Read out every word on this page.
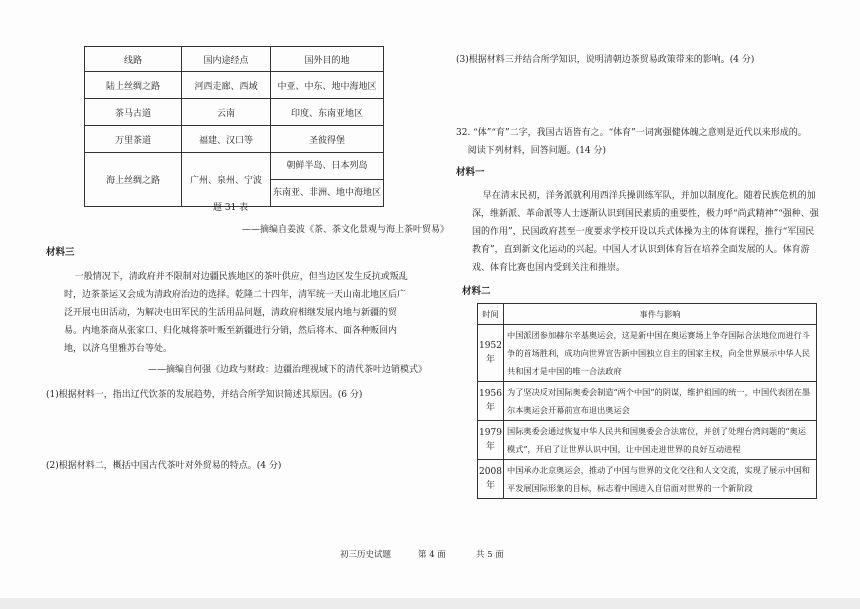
线路	国内途经点	国外目的地
陆上丝绸之路	河西走廊、西域	中亚、中东、地中海地区
茶马古道	云南	印度、东南亚地区
万里茶道	福建、汉口等	圣彼得堡
海上丝绸之路	广州、泉州、宁波	朝鲜半岛、日本列岛
东南亚、非洲、地中海地区
题 31 表
——摘编自姜波《茶、茶文化景观与海上茶叶贸易》
材料三

一般情况下，清政府并不限制对边疆民族地区的茶叶供应，但当边区发生反抗或叛乱时，边茶茶运又会成为清政府治边的选择。乾隆二十四年，清军统一天山南北地区后广泛开展屯田活动，为解决屯田军民的生活用品问题，清政府相继发展内地与新疆的贸易。内地茶商从张家口、归化城将茶叶贩至新疆进行分销，然后将木、面各种贩回内地，以济乌里雅苏台等处。

——摘编自何强《边政与财政：边疆治理视域下的清代茶叶边销模式》
(1)根据材料一，指出辽代饮茶的发展趋势，并结合所学知识简述其原因。(6 分)
(2)根据材料二，概括中国古代茶叶对外贸易的特点。(4 分)
(3)根据材料三并结合所学知识，说明清朝边茶贸易政策带来的影响。(4 分)

32. “体”“育”二字，我国古语皆有之。“体育”一词寓强健体魄之意则是近代以来形成的。

阅读下列材料，回答问题。(14 分)

材料一

早在清末民初，洋务派就利用西洋兵操训练军队，并加以制度化。随着民族危机的加深，维新派、革命派等人士逐渐认识到国民素质的重要性，极力呼“尚武精神”“强种、强国的作用”，民国政府甚至一度要求学校开设以兵式体操为主的体育课程，推行“军国民教育”，直到新文化运动的兴起。中国人才认识到体育旨在培养全面发展的人。体育游戏、体育比赛也国内受到关注和推崇。

材料二
时间	事件与影响
1952年	中国派团参加赫尔辛基奥运会，这是新中国在奥运赛场上争夺国际合法地位而进行斗争的首场胜利，成功向世界宣告新中国独立自主的国家主权，向全世界展示中华人民共和国才是中国的唯一合法政府
1956年	为了坚决反对国际奥委会制造“两个中国”的阴谋，维护祖国的统一，中国代表团在墨尔本奥运会开幕前宣布退出奥运会
1979年	国际奥委会通过恢复中华人民共和国奥委会合法席位，并创了处理台湾问题的“奥运模式”，开启了让世界认识中国，让中国走进世界的良好互动进程
2008年	中国承办北京奥运会，推动了中国与世界的文化交往和人文交流，实现了展示中国和平发展国际形象的目标，标志着中国进入自信面对世界的一个新阶段
初三历史试题	第 4 面	共 5 面
